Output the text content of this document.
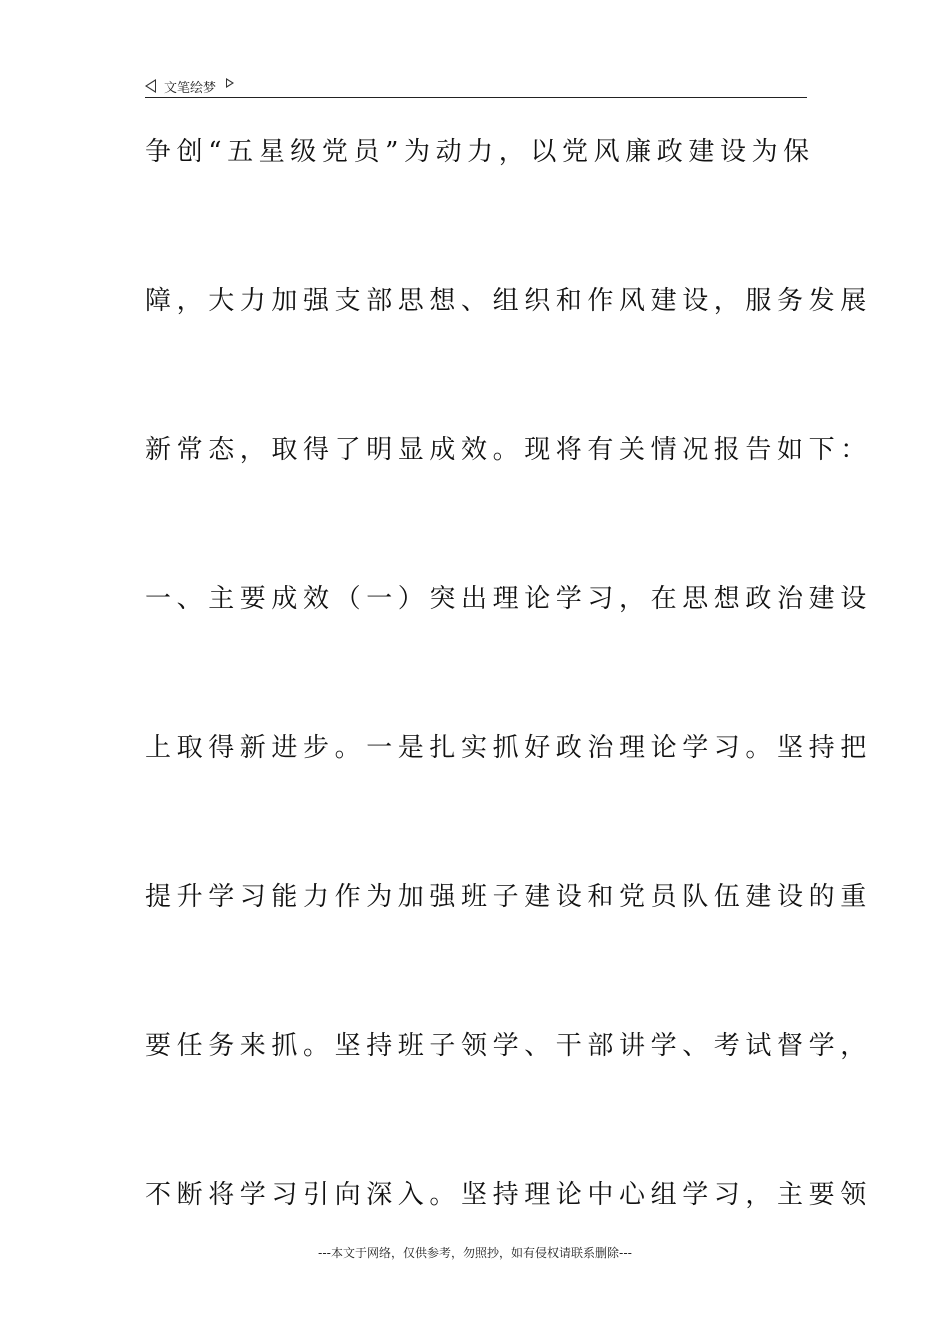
文笔绘梦

争创“五星级党员”为动力，以党风廉政建设为保

障，大力加强支部思想、组织和作风建设，服务发展

新常态，取得了明显成效。现将有关情况报告如下：

一、主要成效（一）突出理论学习，在思想政治建设

上取得新进步。一是扎实抓好政治理论学习。坚持把

提升学习能力作为加强班子建设和党员队伍建设的重

要任务来抓。坚持班子领学、干部讲学、考试督学，

不断将学习引向深入。坚持理论中心组学习，主要领

---本文于网络，仅供参考，勿照抄，如有侵权请联系删除---
